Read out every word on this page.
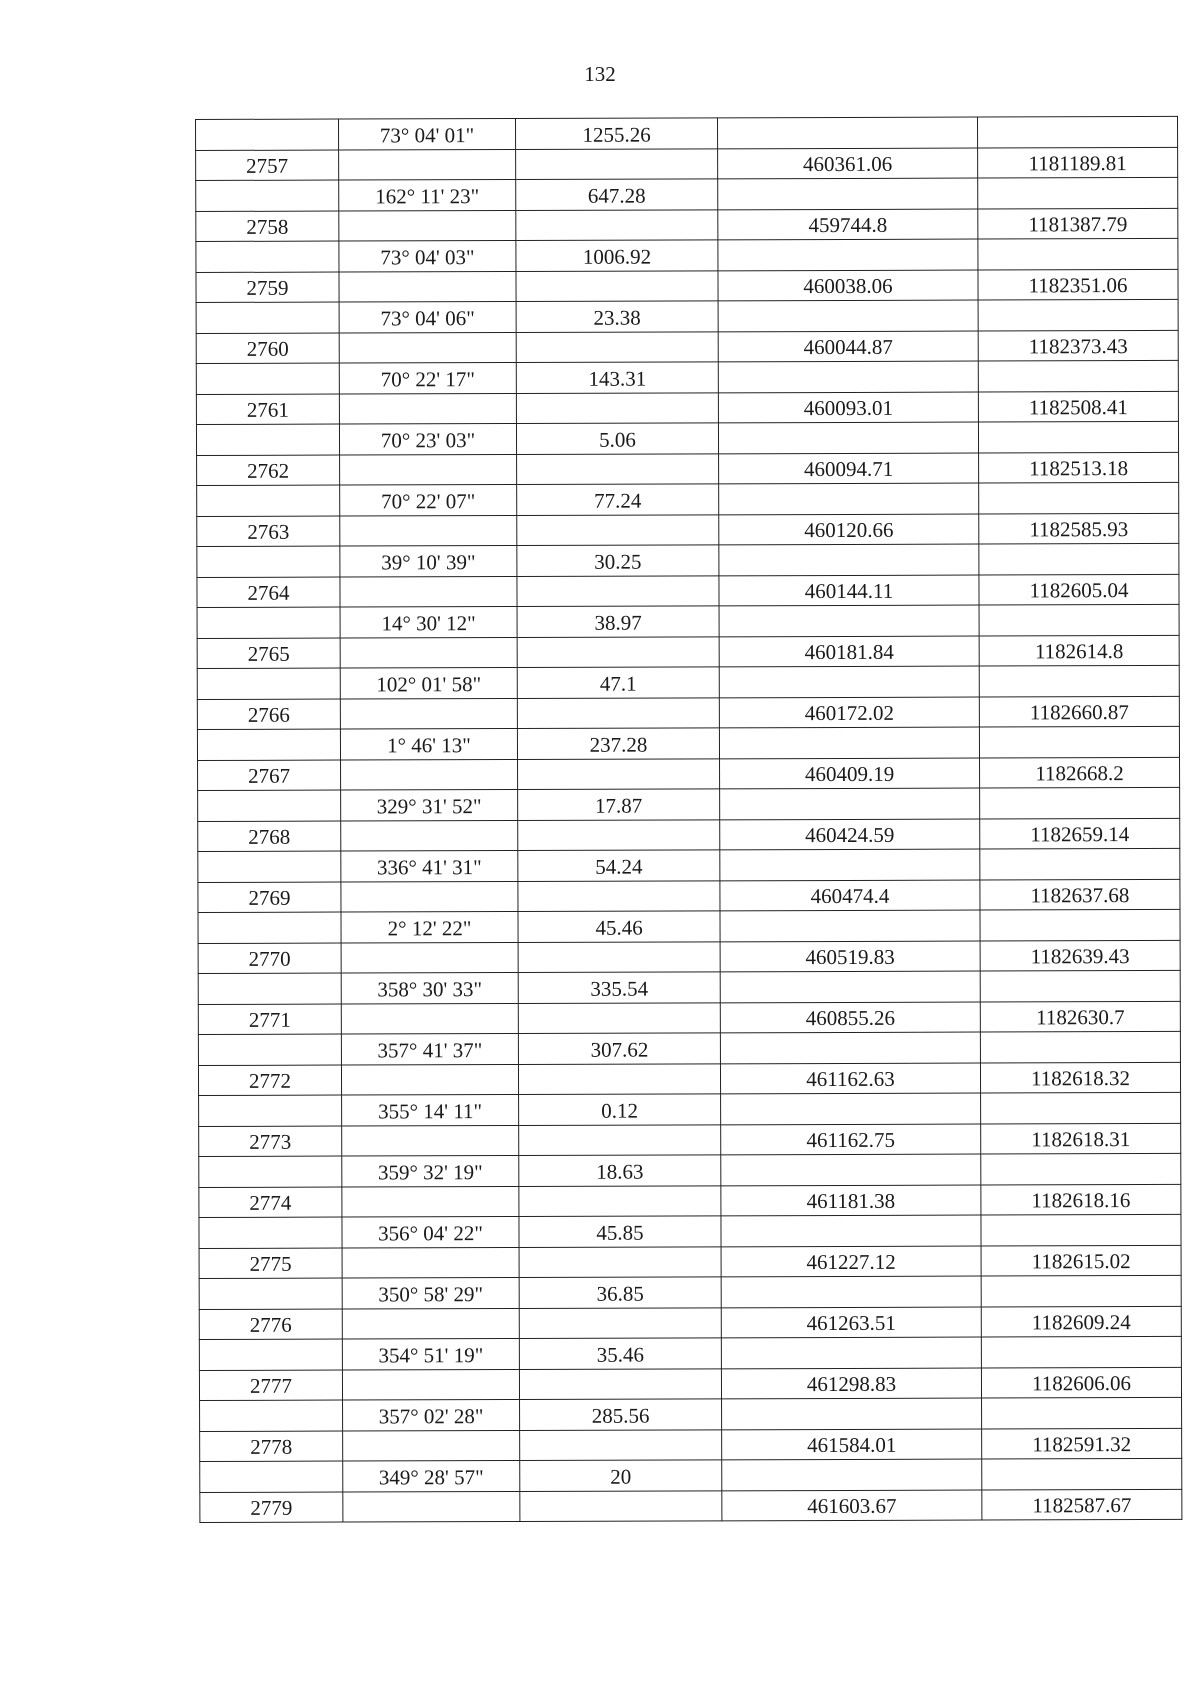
132
	73° 04' 01"	1255.26		
2757			460361.06	1181189.81
	162° 11' 23"	647.28		
2758			459744.8	1181387.79
	73° 04' 03"	1006.92		
2759			460038.06	1182351.06
	73° 04' 06"	23.38		
2760			460044.87	1182373.43
	70° 22' 17"	143.31		
2761			460093.01	1182508.41
	70° 23' 03"	5.06		
2762			460094.71	1182513.18
	70° 22' 07"	77.24		
2763			460120.66	1182585.93
	39° 10' 39"	30.25		
2764			460144.11	1182605.04
	14° 30' 12"	38.97		
2765			460181.84	1182614.8
	102° 01' 58"	47.1		
2766			460172.02	1182660.87
	1° 46' 13"	237.28		
2767			460409.19	1182668.2
	329° 31' 52"	17.87		
2768			460424.59	1182659.14
	336° 41' 31"	54.24		
2769			460474.4	1182637.68
	2° 12' 22"	45.46		
2770			460519.83	1182639.43
	358° 30' 33"	335.54		
2771			460855.26	1182630.7
	357° 41' 37"	307.62		
2772			461162.63	1182618.32
	355° 14' 11"	0.12		
2773			461162.75	1182618.31
	359° 32' 19"	18.63		
2774			461181.38	1182618.16
	356° 04' 22"	45.85		
2775			461227.12	1182615.02
	350° 58' 29"	36.85		
2776			461263.51	1182609.24
	354° 51' 19"	35.46		
2777			461298.83	1182606.06
	357° 02' 28"	285.56		
2778			461584.01	1182591.32
	349° 28' 57"	20		
2779			461603.67	1182587.67
